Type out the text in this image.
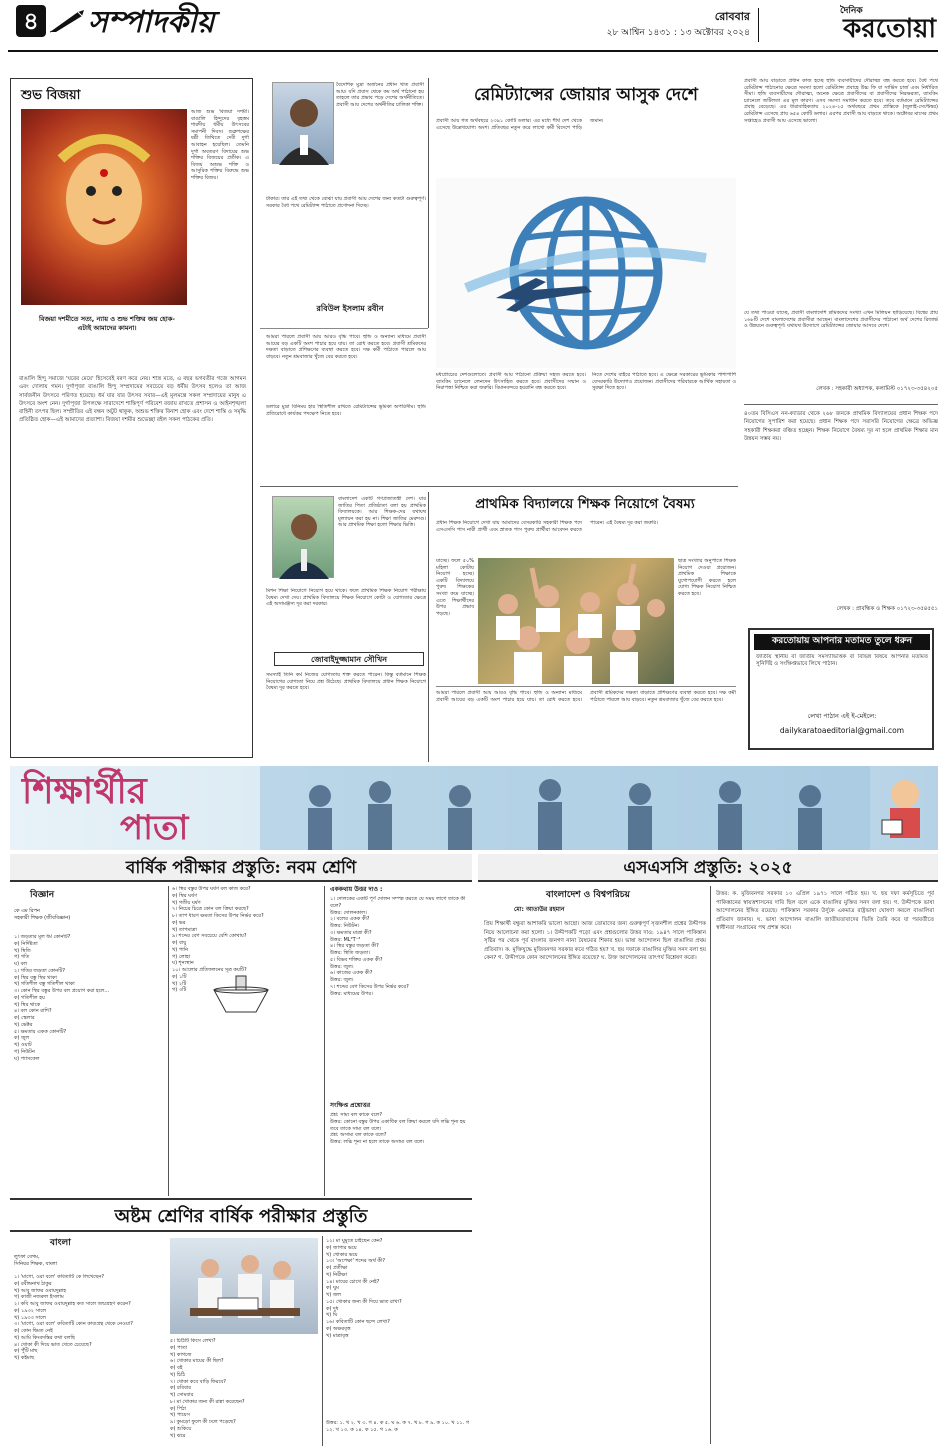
৪ সম্পাদকীয়	রোববার
২৮ আশ্বিন ১৪৩১ : ১৩ অক্টোবর ২০২৪
দৈনিক
করতোয়া
শুভ বিজয়া
আজ শুভ বিজয়া দশমী। বাঙালি হিন্দুদের বৃহত্তম শারদীয় ধর্মীয় উৎসবের সমাপনী দিবস। শুক্লপক্ষের ষষ্ঠী তিথিতে দেবী দুর্গা আবাহন হয়েছিল। তেমনি দুর্গা অবতরণ বিদায়ের শুভ শক্তির বিজয়ের প্রতীক। এ বিজয় অশুভ শক্তি ও আসুরিক শক্তির বিরুদ্ধে শুভ শক্তির বিজয়।
বিজয়া দশমীতে সত্য, ন্যায় ও শুভ শক্তির জয় হোক-এটাই আমাদের কামনা।
বাঙালি হিন্দু সমাজে 'ঘরের মেয়ে' হিসেবেই বরণ করে নেয়। শাস্ত্র মতে, এ বছর ভগবতীর গজে আগমন এবং দোলায় গমন। দুর্গাপূজা বাঙালি হিন্দু সম্প্রদায়ের সবচেয়ে বড় ধর্মীয় উৎসব হলেও তা আজ সার্বজনীন উৎসবে পরিণত হয়েছে। ধর্ম যার যার উৎসব সবার—এই মূলমন্ত্রে সকল সম্প্রদায়ের মানুষ এ উৎসবে অংশ নেন। দুর্গাপূজা উপলক্ষে সারাদেশে শান্তিপূর্ণ পরিবেশ বজায় রাখতে প্রশাসন ও আইনশৃঙ্খলা বাহিনী তৎপর ছিল। সম্প্রীতির এই বন্ধন অটুট থাকুক, অশুভ শক্তির বিনাশ হোক এবং দেশে শান্তি ও সমৃদ্ধি প্রতিষ্ঠিত হোক—এই আমাদের প্রত্যাশা। বিজয়া দশমীর শুভেচ্ছা রইল সকল পাঠকের প্রতি।
বৈদেশিক মুদ্রা অর্জনের প্রধান খাত প্রবাসী আয়। যদি প্রবাস থেকে কম অর্থ পাঠানো হয় তাহলে তার প্রভাব পড়ে দেশের অর্থনীতিতে। প্রবাসী আয় দেশের অর্থনীতির চালিকা শক্তি।
রবিউল ইসলাম রবীন
টাকার। তার এই তথ্য থেকে বোঝা যায় প্রবাসী আয় দেশের জন্য কতটা গুরুত্বপূর্ণ। সরকার বৈধ পথে রেমিট্যান্স পাঠাতে প্রণোদনা দিচ্ছে।
রেমিট্যান্সের জোয়ার আসুক দেশে
প্রবাসী আয় গত অর্থবছরে ২৩৯১ কোটি ডলার। এর মধ্যে শীর্ষ দেশ থেকে এসেছে উল্লেখযোগ্য অংশ। প্রতিবছর নতুন করে লাখো কর্মী বিদেশে পাড়ি জমান।
আমরা পারলে প্রবাসী আয় আরও বৃদ্ধি পাবে। হুন্ডি ও অন্যান্য মাধ্যমে প্রবাসী আয়ের বড় একটি অংশ পাচার হয়ে যায়। তা রোধ করতে হবে। প্রবাসী শ্রমিকদের দক্ষতা বাড়াতে প্রশিক্ষণের ব্যবস্থা করতে হবে। দক্ষ কর্মী পাঠাতে পারলে আয় বাড়বে। নতুন শ্রমবাজার খুঁজে বের করতে হবে।
ডলারে মুদ্রা বিনিময় হার স্থিতিশীল রাখতে রেমিট্যান্সের ভূমিকা অপরিসীম। হুন্ডি প্রতিরোধে কার্যকর পদক্ষেপ নিতে হবে।
মধ্যপ্রাচ্যের দেশগুলোতে। প্রবাসী আয় পাঠানো প্রক্রিয়া সহজ করতে হবে। ব্যাংকিং চ্যানেলে লেনদেন উৎসাহিত করতে হবে। প্রবাসীদের সম্মান ও নিরাপত্তা নিশ্চিত করা জরুরি। বিমানবন্দরে হয়রানি বন্ধ করতে হবে।
নিতে দেশের বাইরে পাঠাতে হবে। এ ক্ষেত্রে সরকারের ভূমিকার পাশাপাশি বেসরকারি উদ্যোগও প্রয়োজন। প্রবাসীদের পরিবারকে আর্থিক সহায়তা ও সুরক্ষা দিতে হবে।
প্রবাসী আয় বাড়াতে প্রধান কাজ হচ্ছে হুন্ডি ব্যবসায়ীদের দৌরাত্ম্য বন্ধ করতে হবে। বৈধ পথে রেমিট্যান্স পাঠানোর ক্ষেত্রে সমস্যা হলো রেমিট্যান্স প্রবাহে উচ্চ ফি বা সার্ভিস চার্জ এবং নির্ধারিত সীমা। হুন্ডি ব্যবসায়ীদের দৌরাত্ম্য, অনেক ক্ষেত্রে প্রবাসীদের বা প্রবাসীদের নিরক্ষরতা, ব্যাংকিং চ্যানেলে জটিলতা এর মূল কারণ। এসব সমস্যা সমাধান করতে হবে। তবে বর্তমানে রেমিট্যান্সের প্রবাহ বেড়েছে। এর ধারাবাহিকতায় ২০২৪-২৫ অর্থবছরে প্রথম প্রান্তিকে (জুলাই-সেপ্টেম্বর) রেমিট্যান্স এসেছে প্রায় ৬৫৪ কোটি ডলার। এরপর প্রবাসী আয় বাড়তে থাকে। অক্টোবর মাসের প্রথম সপ্তাহেও প্রবাসী আয় এসেছে ভালো।
যে তথ্য পাওয়া যাচ্ছে, প্রবাসী বাংলাদেশি শ্রমিকদের সংখ্যা এখন মিলিয়ন ছাড়িয়েছে। বিশ্বের প্রায় ১৬৮টি দেশে বাংলাদেশের প্রবাসীরা আছেন। বাংলাদেশের প্রবাসীদের পাঠানো অর্থ দেশের রিজার্ভ ও উন্নয়নে গুরুত্বপূর্ণ। যথাযথ উদ্যোগে রেমিট্যান্সের জোয়ার আসবে দেশে।
লেখক : সহকারী অধ্যাপক, কলামিস্ট ০১৭২৩-৩৫৪২০৫
বাংলাদেশ একটি গণপ্রজাতন্ত্রী দেশ। যার জাতির পিতা প্রতিষ্ঠাতা বলা হয় প্রাথমিক বিদ্যালয়কে। আর শিক্ষক-দের যথাযথ মূল্যায়ন করা হয় না। শিক্ষা জাতির মেরুদণ্ড। আর প্রাথমিক শিক্ষা হলো শিক্ষার ভিত্তি।
মিশন শিক্ষা নিয়োগে নিয়োগ হয়ে থাকে। ফলে প্রাথমিক শিক্ষক নিয়োগ পরীক্ষায় বৈষম্য দেখা দেয়। প্রাথমিক বিদ্যালয়ে শিক্ষক নিয়োগে কোটা ও যোগ্যতার ক্ষেত্রে এই অসামঞ্জস্য দূর করা দরকার।
জোবাইদুজ্জামান সৌখিন
সমস্যাই তিনি কর্ম নিজের যোগ্যতায় শক্ত করতে পারেন। কিন্তু বর্তমানে শিক্ষক নিয়োগের যোগ্যতা নিয়ে প্রশ্ন উঠেছে। প্রাথমিক বিদ্যালয়ে প্রধান শিক্ষক নিয়োগে বৈষম্য দূর করতে হবে।
প্রাথমিক বিদ্যালয়ে শিক্ষক নিয়োগে বৈষম্য
প্রধান শিক্ষক নিয়োগে দেখা যায় আমাদের বেসরকারি সহকারী শিক্ষক পদে এসএসসি পাস নারী প্রার্থী এবং স্নাতক পাস পুরুষ প্রার্থীরা আবেদন করতে পারেন। এই বৈষম্য দূর করা জরুরি।
যাচ্ছে। ফলে ৫০% মহিলা কোটায় নিয়োগ হচ্ছে। একটি বিদ্যালয়ে পুরুষ শিক্ষকের সংখ্যা কমে যাচ্ছে। এতে শিক্ষার্থীদের উপর প্রভাব পড়ছে।
ছাত্র সংখ্যার অনুপাতে শিক্ষক নিয়োগ দেওয়া প্রয়োজন। প্রাথমিক শিক্ষাকে যুগোপযোগী করতে হলে যোগ্য শিক্ষক নিয়োগ নিশ্চিত করতে হবে।
আমরা পারলে প্রবাসী আয় আরও বৃদ্ধি পাবে। হুন্ডি ও অন্যান্য মাধ্যমে প্রবাসী আয়ের বড় একটি অংশ পাচার হয়ে যায়। তা রোধ করতে হবে। প্রবাসী শ্রমিকদের দক্ষতা বাড়াতে প্রশিক্ষণের ব্যবস্থা করতে হবে। দক্ষ কর্মী পাঠাতে পারলে আয় বাড়বে। নতুন শ্রমবাজার খুঁজে বের করতে হবে।
৪০তম বিসিএস নন-ক্যাডার থেকে ২৬৮ জনকে প্রাথমিক বিদ্যালয়ের প্রধান শিক্ষক পদে নিয়োগের সুপারিশ করা হয়েছে। প্রধান শিক্ষক পদে সরাসরি নিয়োগের ক্ষেত্রে অভিজ্ঞ সহকারী শিক্ষকরা বঞ্চিত হচ্ছেন। শিক্ষক নিয়োগে বৈষম্য দূর না হলে প্রাথমিক শিক্ষার মান উন্নয়ন সম্ভব নয়।
লেখক : প্রাবন্ধিক ও শিক্ষক ০১৭২৩-৩৫৪৫৫১
করতোয়ায় আপনার মতামত তুলে ধরুন
জাতীয় স্থানীয় বা জাতীয় সমস্যাভিত্তিক বা বিভিন্ন বিষয়ে আপনার মতামত সুনির্দিষ্ট ও সংক্ষিপ্তভাবে লিখে পাঠান।
লেখা পাঠান এই ই-মেইলে:
dailykaratoaeditorial@gmail.com
শিক্ষার্থীর
পাতা
বার্ষিক পরীক্ষার প্রস্তুতি: নবম শ্রেণি
বিজ্ঞান
কে এম রিপন
সহকারী শিক্ষক (জীববিজ্ঞান)
১। জড়তার মূল ধর্ম কোনটি?
ক) নির্দিষ্টতা
খ) স্থিতি
গ) গতি
ঘ) বল
২। গতির জড়তা কোনটি?
ক) স্থির বস্তু স্থির থাকা
খ) গতিশীল বস্তু গতিশীল থাকা
৩। কোন স্থির বস্তুর উপর বল প্রয়োগ করা হলে...
ক) গতিশীল হয়
খ) স্থির থাকে
৪। বল কোন রাশি?
ক) স্কেলার
খ) ভেক্টর
৫। ক্ষমতার একক কোনটি?
ক) জুল
খ) ওয়াট
গ) নিউটন
ঘ) প্যাসকেল
৬। স্থির বস্তুর উপর ঘর্ষণ বল কাজ করে?
ক) স্থির ঘর্ষণ
খ) গতীয় ঘর্ষণ
৭। নিচের চিত্রে কোন বল ক্রিয়া করছে?
৮। তাপ ধারণ ক্ষমতা কিসের উপর নির্ভর করে?
ক) ভর
খ) তাপমাত্রা
৯। শব্দের বেগ সবচেয়ে বেশি কোথায়?
ক) বায়ু
খ) পানি
গ) লোহা
ঘ) শূন্যস্থান
১০। আলোর প্রতিফলনের সূত্র কয়টি?
ক) ১টি
খ) ২টি
গ) ৩টি
এককথায় উত্তর দাও :
১। দোলকের একটি পূর্ণ দোলন সম্পন্ন করতে যে সময় লাগে তাকে কী বলে?
উত্তর: দোলনকাল।
২। বলের একক কী?
উত্তর: নিউটন।
৩। ক্ষমতার মাত্রা কী?
উত্তর: ML²T⁻³
৪। স্থির বস্তুর জড়তা কী?
উত্তর: স্থিতি জড়তা।
৫। বিভব শক্তির একক কী?
উত্তর: জুল।
৬। কাজের একক কী?
উত্তর: জুল।
৭। শব্দের বেগ কিসের উপর নির্ভর করে?
উত্তর: মাধ্যমের উপর।
সংক্ষিপ্ত প্রশ্নোত্তর
প্রশ্ন: সাম্য বল কাকে বলে?
উত্তর: কোনো বস্তুর উপর একাধিক বল ক্রিয়া করলে যদি লব্ধি শূন্য হয় তবে তাকে সাম্য বল বলে।
প্রশ্ন: অসাম্য বল কাকে বলে?
উত্তর: লব্ধি শূন্য না হলে তাকে অসাম্য বল বলে।
এসএসসি প্রস্তুতি: ২০২৫
বাংলাদেশ ও বিশ্বপরিচয়
মো: আতাউর রহমান
প্রিয় শিক্ষার্থী বন্ধুরা আশাকরি ভালো আছো। আজ তোমাদের জন্য গুরুত্বপূর্ণ সৃজনশীল প্রশ্নের উদ্দীপক নিয়ে আলোচনা করা হলো। ১। উদ্দীপকটি পড়ো এবং প্রশ্নগুলোর উত্তর দাও: ১৯৪৭ সালে পাকিস্তান সৃষ্টির পর থেকে পূর্ব বাংলার জনগণ নানা বৈষম্যের শিকার হয়। ভাষা আন্দোলন ছিল বাঙালির প্রথম প্রতিবাদ। ক. মুক্তিযুদ্ধে মুজিবনগর সরকার কবে গঠিত হয়? খ. ছয় দফাকে বাঙালির মুক্তির সনদ বলা হয় কেন? গ. উদ্দীপকে কোন আন্দোলনের ইঙ্গিত রয়েছে? ঘ. উক্ত আন্দোলনের তাৎপর্য বিশ্লেষণ করো।
উত্তর: ক. মুজিবনগর সরকার ১০ এপ্রিল ১৯৭১ সালে গঠিত হয়। খ. ছয় দফা কর্মসূচিতে পূর্ব পাকিস্তানের স্বায়ত্তশাসনের দাবি ছিল বলে একে বাঙালির মুক্তির সনদ বলা হয়। গ. উদ্দীপকে ভাষা আন্দোলনের ইঙ্গিত রয়েছে। পাকিস্তান সরকার উর্দুকে একমাত্র রাষ্ট্রভাষা ঘোষণা করলে বাঙালিরা প্রতিবাদ জানায়। ঘ. ভাষা আন্দোলন বাঙালি জাতীয়তাবাদের ভিত্তি তৈরি করে যা পরবর্তীতে স্বাধীনতা সংগ্রামের পথ প্রশস্ত করে।
অষ্টম শ্রেণির বার্ষিক পরীক্ষার প্রস্তুতি
বাংলা
লুৎফা বেগম,
সিনিয়র শিক্ষক, বাংলা
১। 'মাগো, ওরা বলে' কবিতাটি কে লিখেছেন?
ক) রবীন্দ্রনাথ ঠাকুর
খ) আবু জাফর ওবায়দুল্লাহ
গ) কাজী নজরুল ইসলাম
২। কবি আবু জাফর ওবায়দুল্লাহ কত সালে জন্মগ্রহণ করেন?
ক) ১৯৩২ সালে
খ) ১৯৩৩ সালে
৩। 'মাগো, ওরা বলে' কবিতাটি কোন কাব্যগ্রন্থ থেকে নেওয়া?
ক) কোন দ্বিমত নেই
খ) আমি কিংবদন্তির কথা বলছি
৪। খোকা কী দিয়ে ভাত খেতে চেয়েছে?
ক) পুঁটি মাছ
খ) কইমাছ
৫। চিঠিটি কিসে লেখা?
ক) পাতা
খ) কাগজে
৬। খোকার মায়ের কী ছিল?
ক) বই
খ) চিঠি
৭। খোকা কবে বাড়ি ফিরবে?
ক) রবিবার
খ) সোমবার
৮। মা খোকার জন্য কী রান্না করেছেন?
ক) পিঠা
খ) পায়েস
৯। কুমড়ো ফুলে কী ঢলে পড়েছে?
ক) শুকিয়ে
খ) ঝরে
১২। মা ঘুমুতে চাইছেন কেন?
ক) জাগার ভয়ে
খ) খোকার ভয়ে
১৩। 'অপেক্ষা' শব্দের অর্থ কী?
ক) প্রতীক্ষা
খ) নিরীক্ষা
১৪। মায়ের চোখে কী নেই?
ক) ঘুম
খ) জল
১৫। খোকার জন্য কী দিয়ে ভাত রাখা?
ক) দুধ
খ) ঘি
১৬। কবিতাটি কোন ছন্দে লেখা?
ক) অক্ষরবৃত্ত
খ) মাত্রাবৃত্ত
উত্তর: ১. খ ২. খ ৩. গ ৪. ক ৫. ঘ ৬. ক ৭. খ ৮. গ ৯. ক ১০. খ ১১. গ ১২. খ ১৩. ক ১৪. ক ১৫. গ ১৬. ক
